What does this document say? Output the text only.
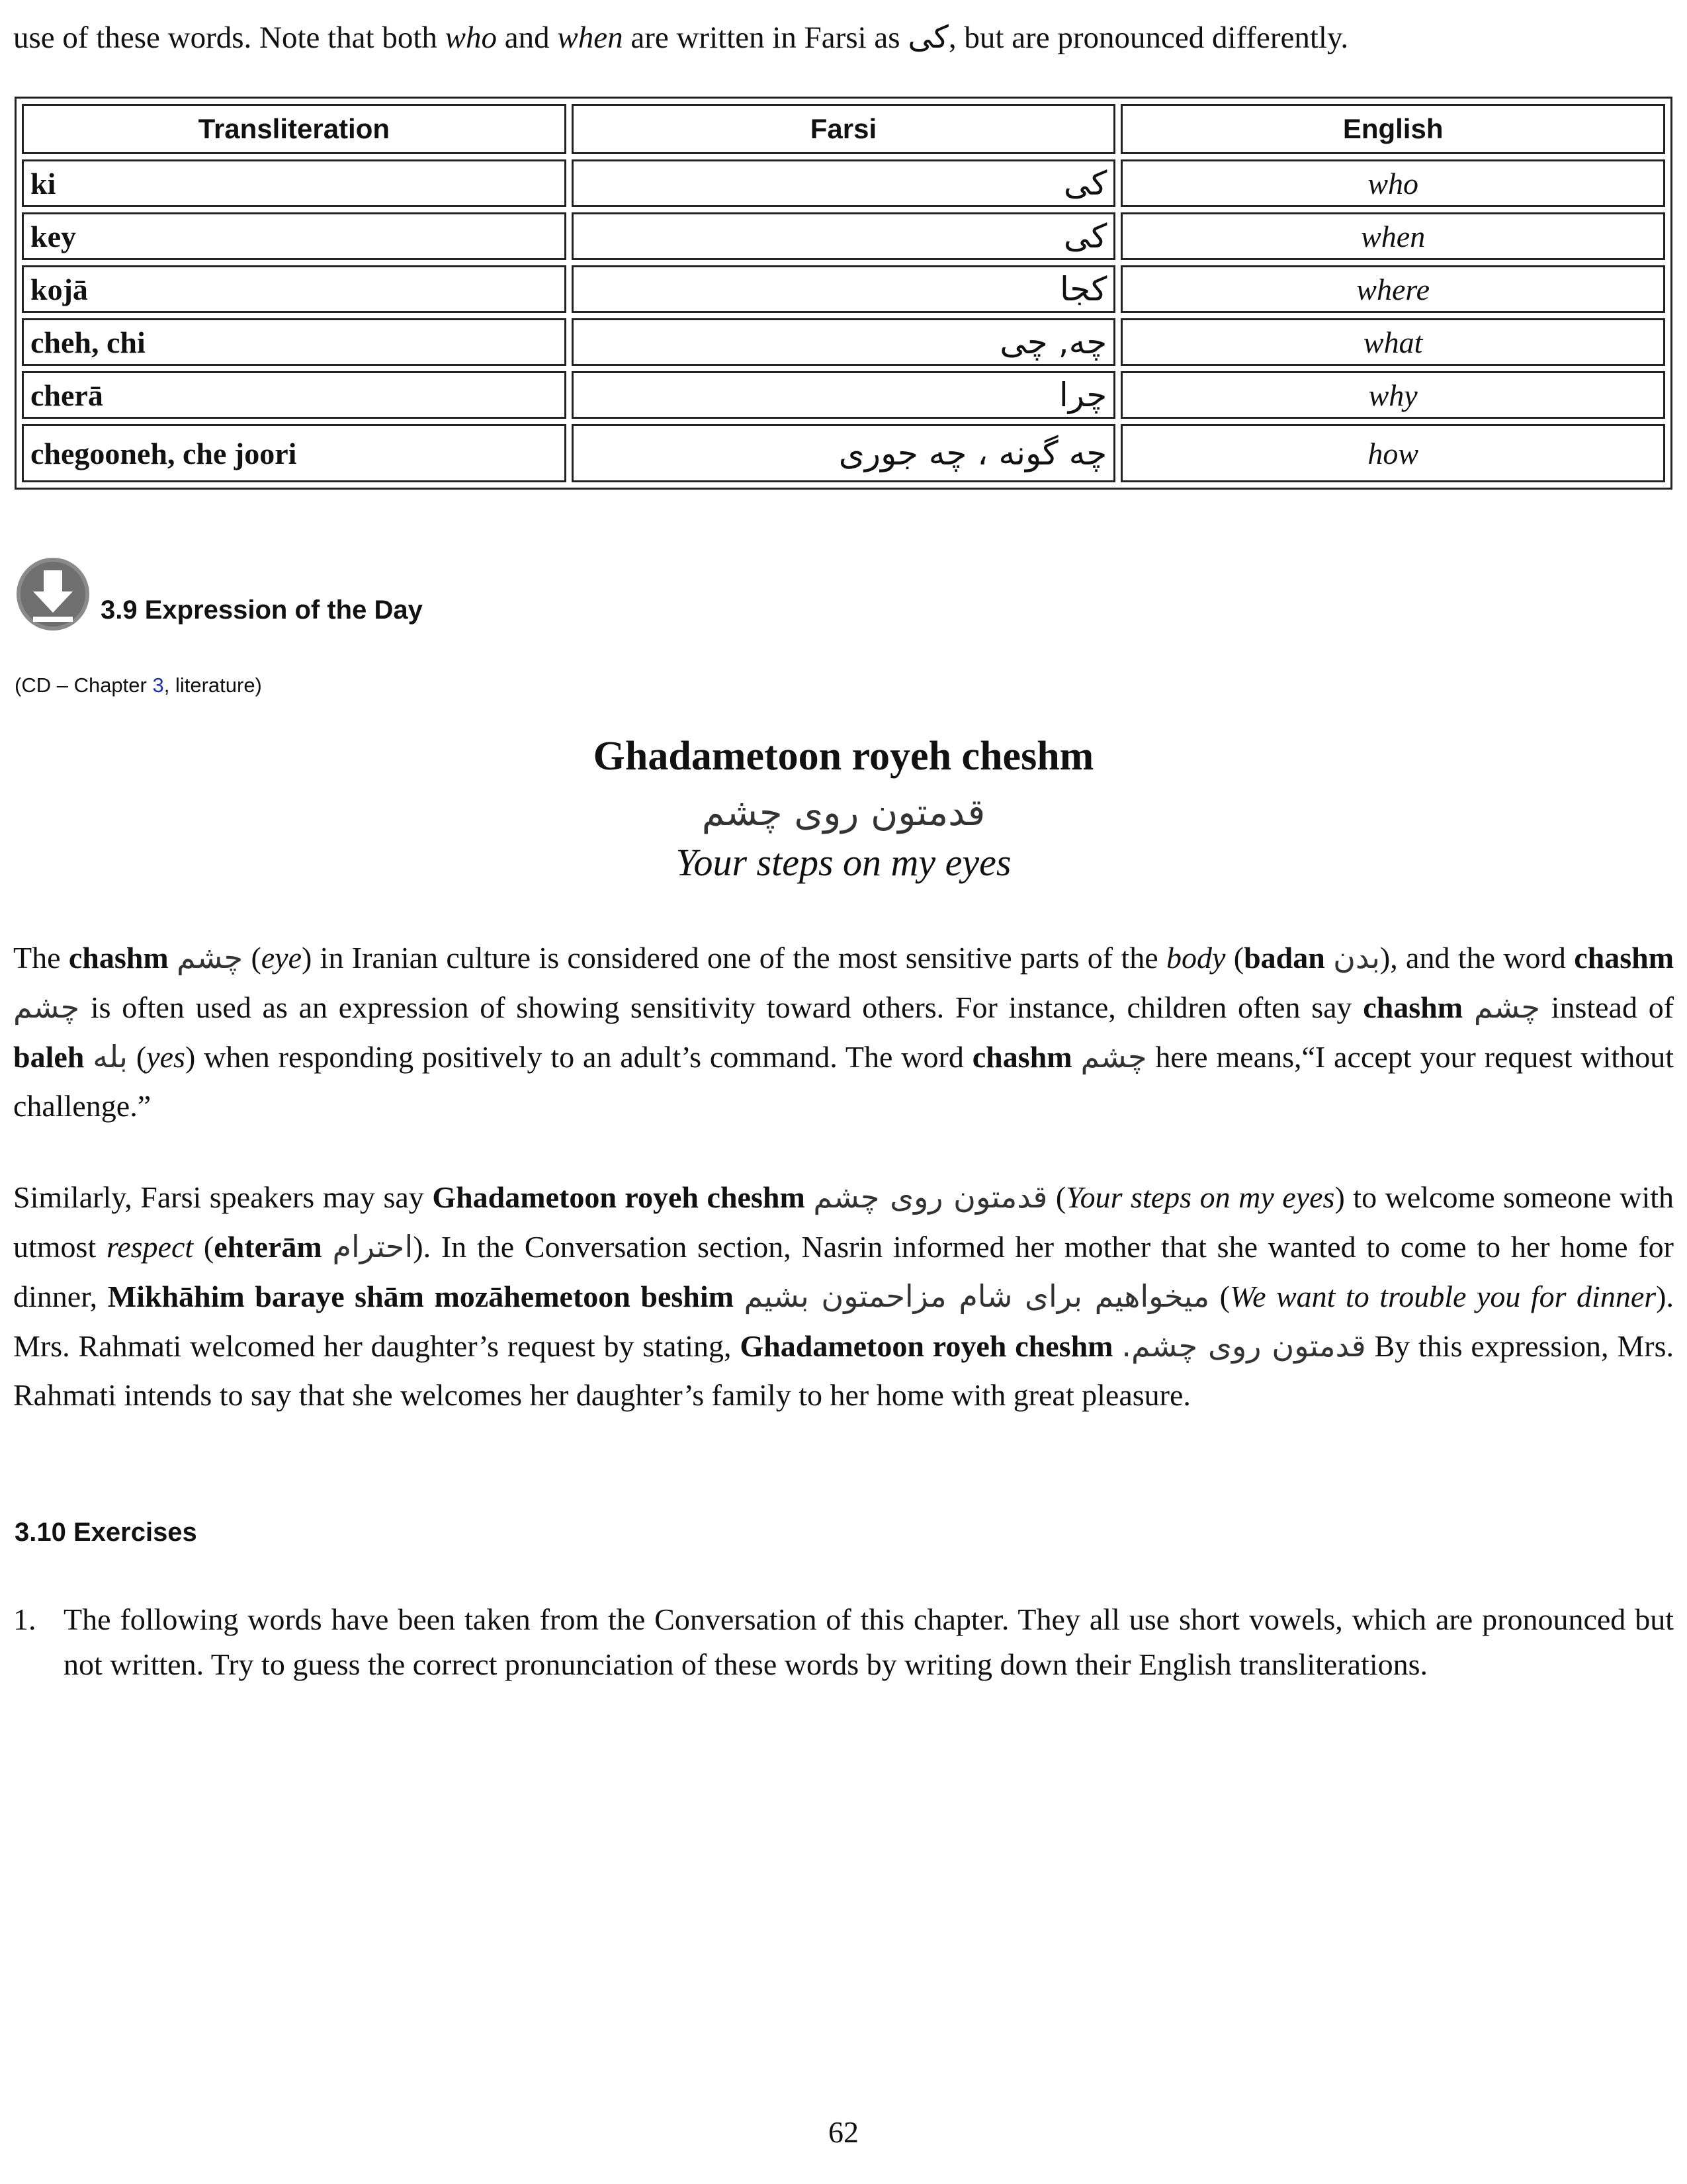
use of these words. Note that both who and when are written in Farsi as کی, but are pronounced differently.
Transliteration	Farsi	English
ki	کی	who
key	کی	when
kojā	کجا	where
cheh, chi	چه, چی	what
cherā	چرا	why
chegooneh, che joori	چه گونه ، چه جوری	how
3.9 Expression of the Day
(CD – Chapter 3, literature)
Ghadametoon royeh cheshm
قدمتون روی چشم
Your steps on my eyes
The chashm چشم (eye) in Iranian culture is considered one of the most sensitive parts of the body (badan بدن), and the word chashm چشم is often used as an expression of showing sensitivity toward others. For instance, children often say chashm چشم instead of baleh بله (yes) when responding positively to an adult’s command. The word chashm چشم here means,“I accept your request without challenge.”
Similarly, Farsi speakers may say Ghadametoon royeh cheshm قدمتون روی چشم (Your steps on my eyes) to welcome someone with utmost respect (ehterām احترام). In the Conversation section, Nasrin informed her mother that she wanted to come to her home for dinner, Mikhāhim baraye shām mozāhemetoon beshim میخواهیم برای شام مزاحمتون بشیم (We want to trouble you for dinner). Mrs. Rahmati welcomed her daughter’s request by stating, Ghadametoon royeh cheshm قدمتون روی چشم. By this expression, Mrs. Rahmati intends to say that she welcomes her daughter’s family to her home with great pleasure.
3.10 Exercises
1. The following words have been taken from the Conversation of this chapter. They all use short vowels, which are pronounced but not written. Try to guess the correct pronunciation of these words by writing down their English transliterations.
62
